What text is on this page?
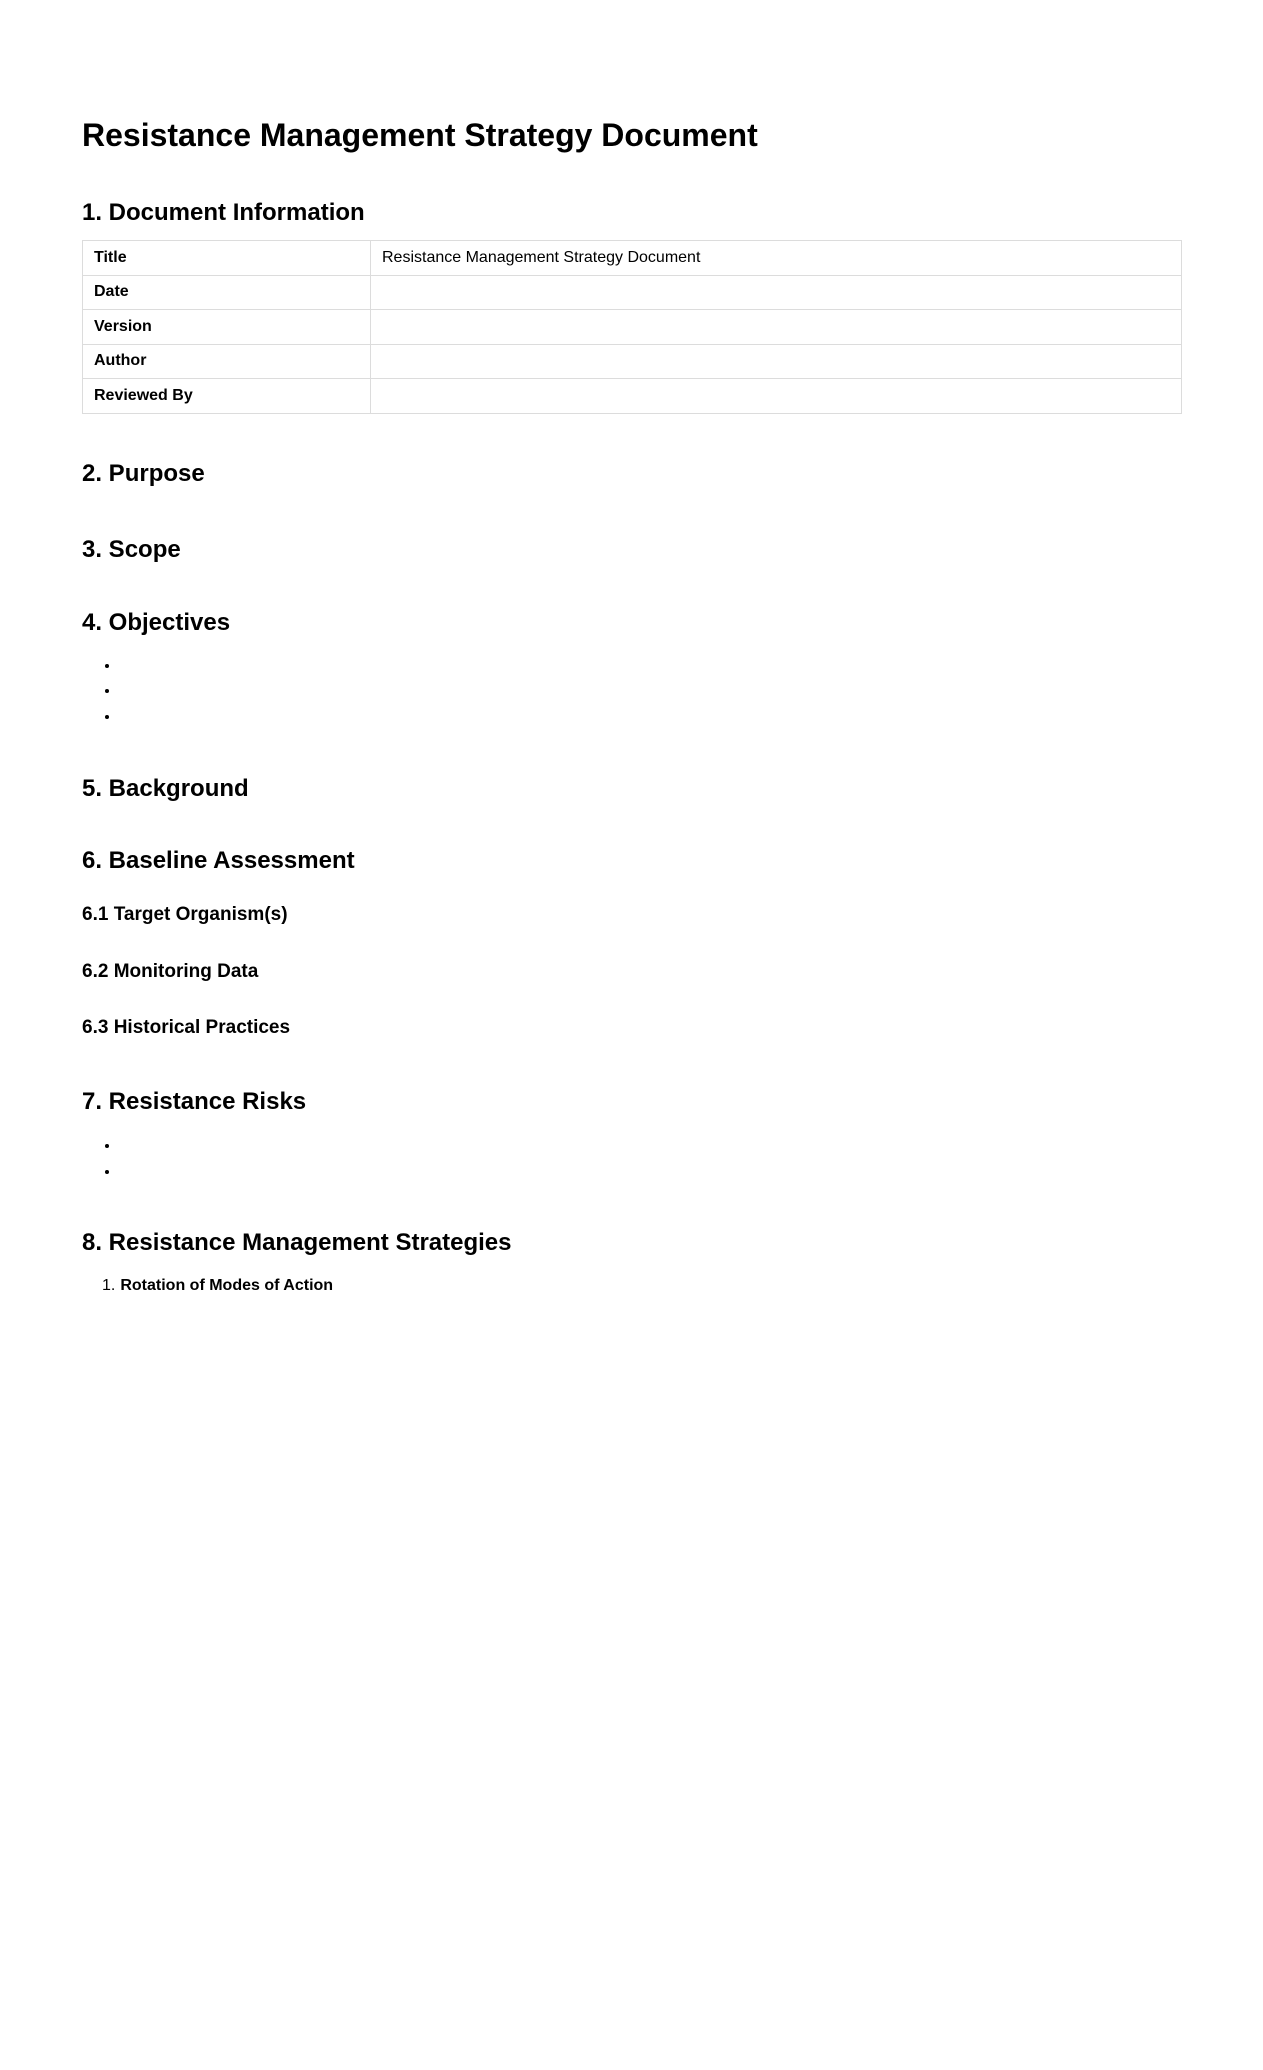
Resistance Management Strategy Document
1. Document Information
Title	Resistance Management Strategy Document
Date	
Version	
Author	
Reviewed By	
2. Purpose
3. Scope
4. Objectives
• ​
• ​
• ​
5. Background
6. Baseline Assessment
6.1 Target Organism(s)
6.2 Monitoring Data
6.3 Historical Practices
7. Resistance Risks
• ​
• ​
8. Resistance Management Strategies
1. Rotation of Modes of Action
